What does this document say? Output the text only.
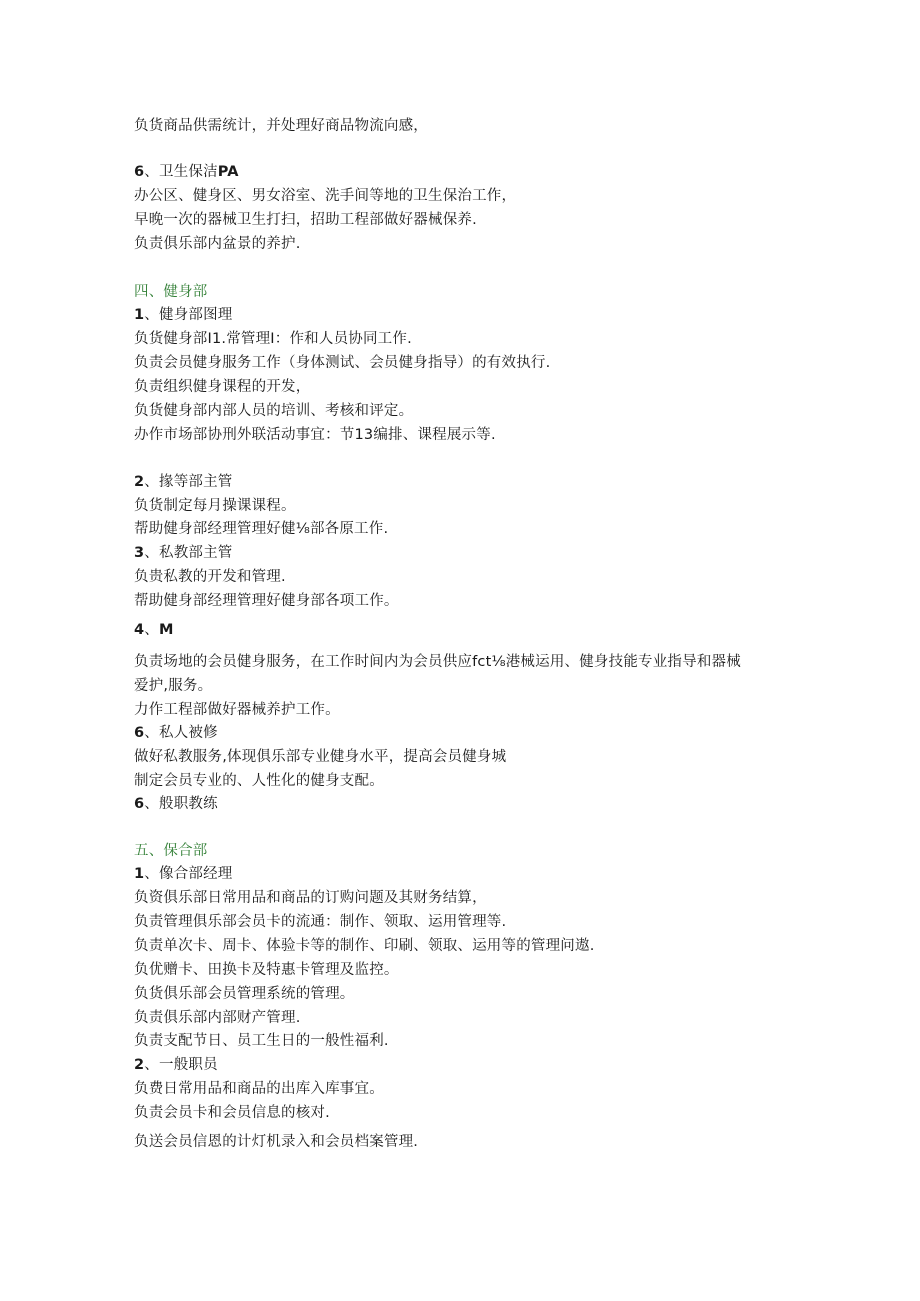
负货商品供需统计，并处理好商品物流向感，
6、卫生保洁PA
办公区、健身区、男女浴室、洗手间等地的卫生保治工作，
早晚一次的器械卫生打扫，招助工程部做好器械保养.
负责俱乐部内盆景的养护.
四、健身部
1、健身部图理
负货健身部I1.常管理I：作和人员协同工作.
负责会员健身服务工作（身体测试、会员健身指导）的有效执行.
负责组织健身课程的开发，
负货健身部内部人员的培训、考核和评定。
办作市场部协刑外联活动事宜：节13编排、课程展示等.
2、掾等部主管
负货制定每月操课课程。
帮助健身部经理管理好健⅛部各原工作.
3、私教部主管
负贵私教的开发和管理.
帮助健身部经理管理好健身部各项工作。
4、M
负责场地的会员健身服务，在工作时间内为会员供应fct⅛港械运用、健身技能专业指导和器械
爱护,服务。
力作工程部做好器械养护工作。
6、私人被修
做好私教服务,体现俱乐部专业健身水平，提高会员健身城
制定会员专业的、人性化的健身支配。
6、般职教练
五、保合部
1、像合部经理
负资俱乐部日常用品和商品的订购问题及其财务结算，
负责管理俱乐部会员卡的流通：制作、领取、运用管理等.
负责单次卡、周卡、体验卡等的制作、印刷、领取、运用等的管理问遨.
负优赠卡、田换卡及特惠卡管理及监控。
负货俱乐部会员管理系统的管理。
负责俱乐部内部财产管理.
负责支配节日、员工生日的一般性福利.
2、一般职员
负费日常用品和商品的出库入库事宜。
负责会员卡和会员信息的核对.
负送会员信恩的计灯机录入和会员档案管理.
